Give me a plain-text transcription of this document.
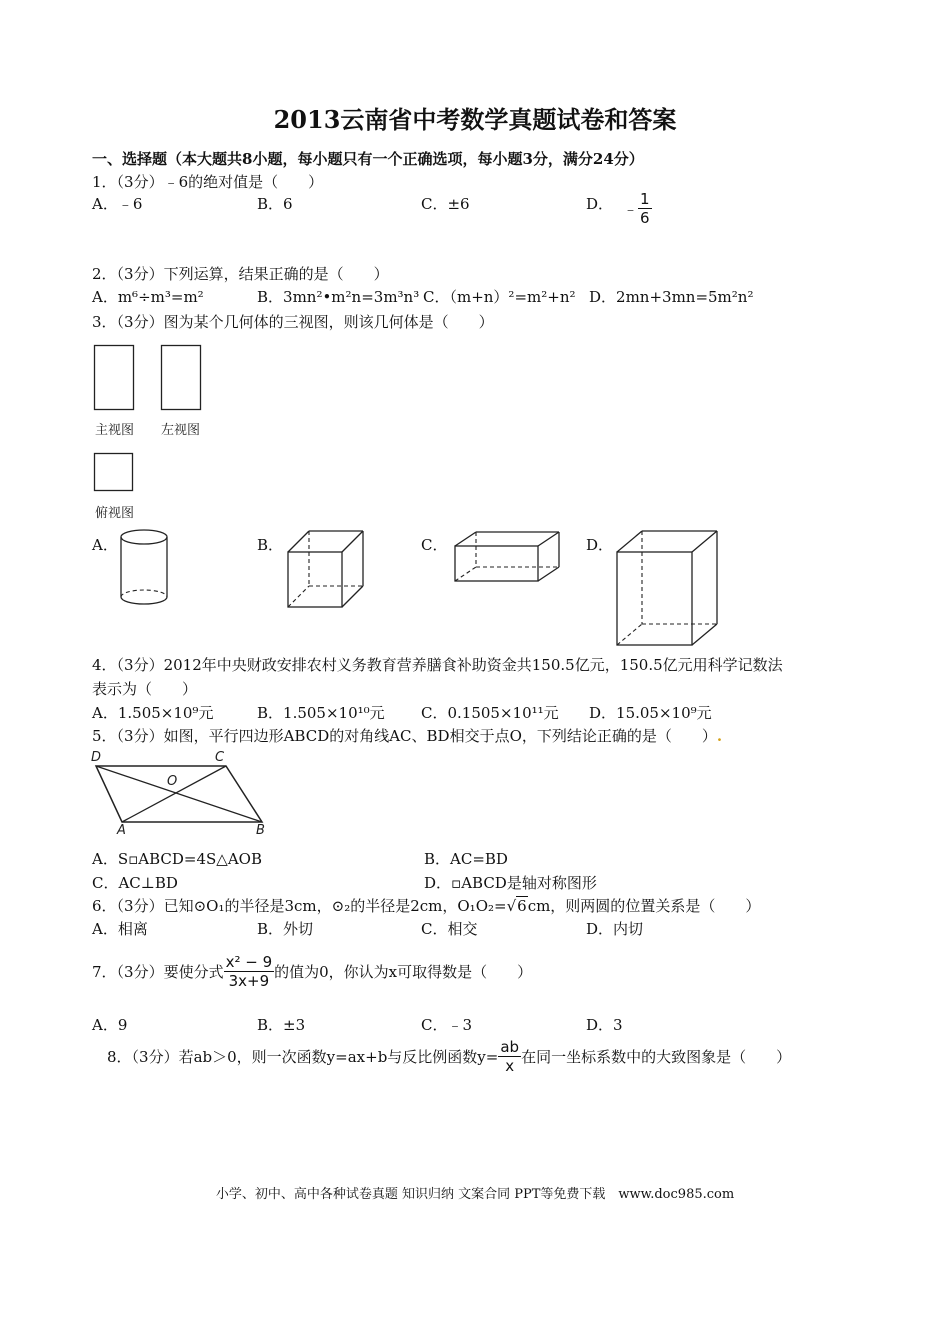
2013云南省中考数学真题试卷和答案
一、选择题（本大题共8小题，每小题只有一个正确选项，每小题3分，满分24分）
1．（3分）﹣6的绝对值是（　　）
A．﹣6	B．6	C．±6	D． ﹣ $\frac{1}{6}$
2．（3分）下列运算，结果正确的是（　　）
A．m⁶÷m³=m²	B．3mn²•m²n=3m³n³ C．（m+n）²=m²+n² D．2mn+3mn=5m²n²
3．（3分）图为某个几何体的三视图，则该几何体是（　　）
主视图 左视图
俯视图
A．	B．	C．	D．
4．（3分）2012年中央财政安排农村义务教育营养膳食补助资金共150.5亿元，150.5亿元用科学记数法
表示为（　　）
A．1.505×10⁹元	B．1.505×10¹⁰元 C．0.1505×10¹¹元 D．15.05×10⁹元
5．（3分）如图，平行四边形ABCD的对角线AC、BD相交于点O，下列结论正确的是（　　）.
D	C
O
A	B
A．S▫ABCD=4S△AOB	B．AC=BD
C．AC⊥BD	D．▫ABCD是轴对称图形
6．（3分）已知⊙O₁的半径是3cm，⊙₂的半径是2cm，O₁O₂=√6cm，则两圆的位置关系是（　　）
A．相离	B．外切	C．相交	D．内切
7．（3分）要使分式 $\frac{\text{x² − 9}}{3x+9}$ 的值为0，你认为x可取得数是（　　）
A．9	B．±3	C．﹣3	D．3
8．（3分）若ab＞0，则一次函数y=ax+b与反比例函数$y= \frac{ab}{x}$ 在同一坐标系数中的大致图象是（　　）
小学、初中、高中各种试卷真题 知识归纳 文案合同 PPT等免费下载　www.doc985.com
